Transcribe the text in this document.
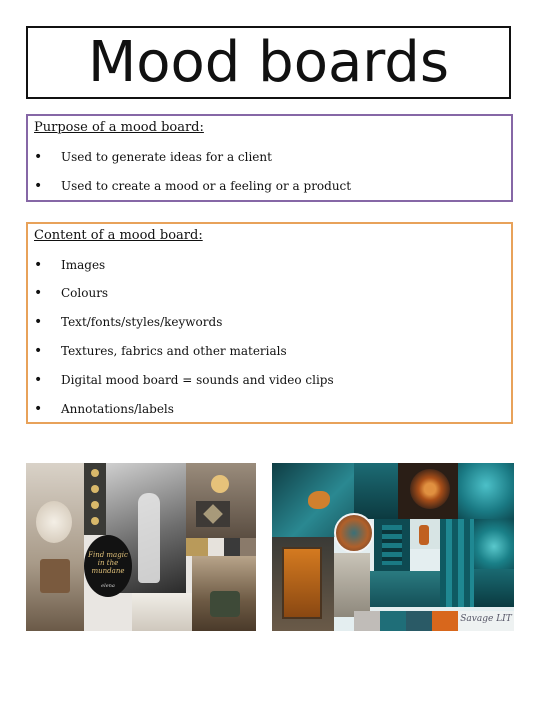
Mood boards
Purpose of a mood board:
• Used to generate ideas for a client
• Used to create a mood or a feeling or a product
Content of a mood board:
• Images
• Colours
• Text/fonts/styles/keywords
• Textures, fabrics and other materials
• Digital mood board = sounds and video clips
• Annotations/labels
Find magic in the mundane
elena
Savage LIT
